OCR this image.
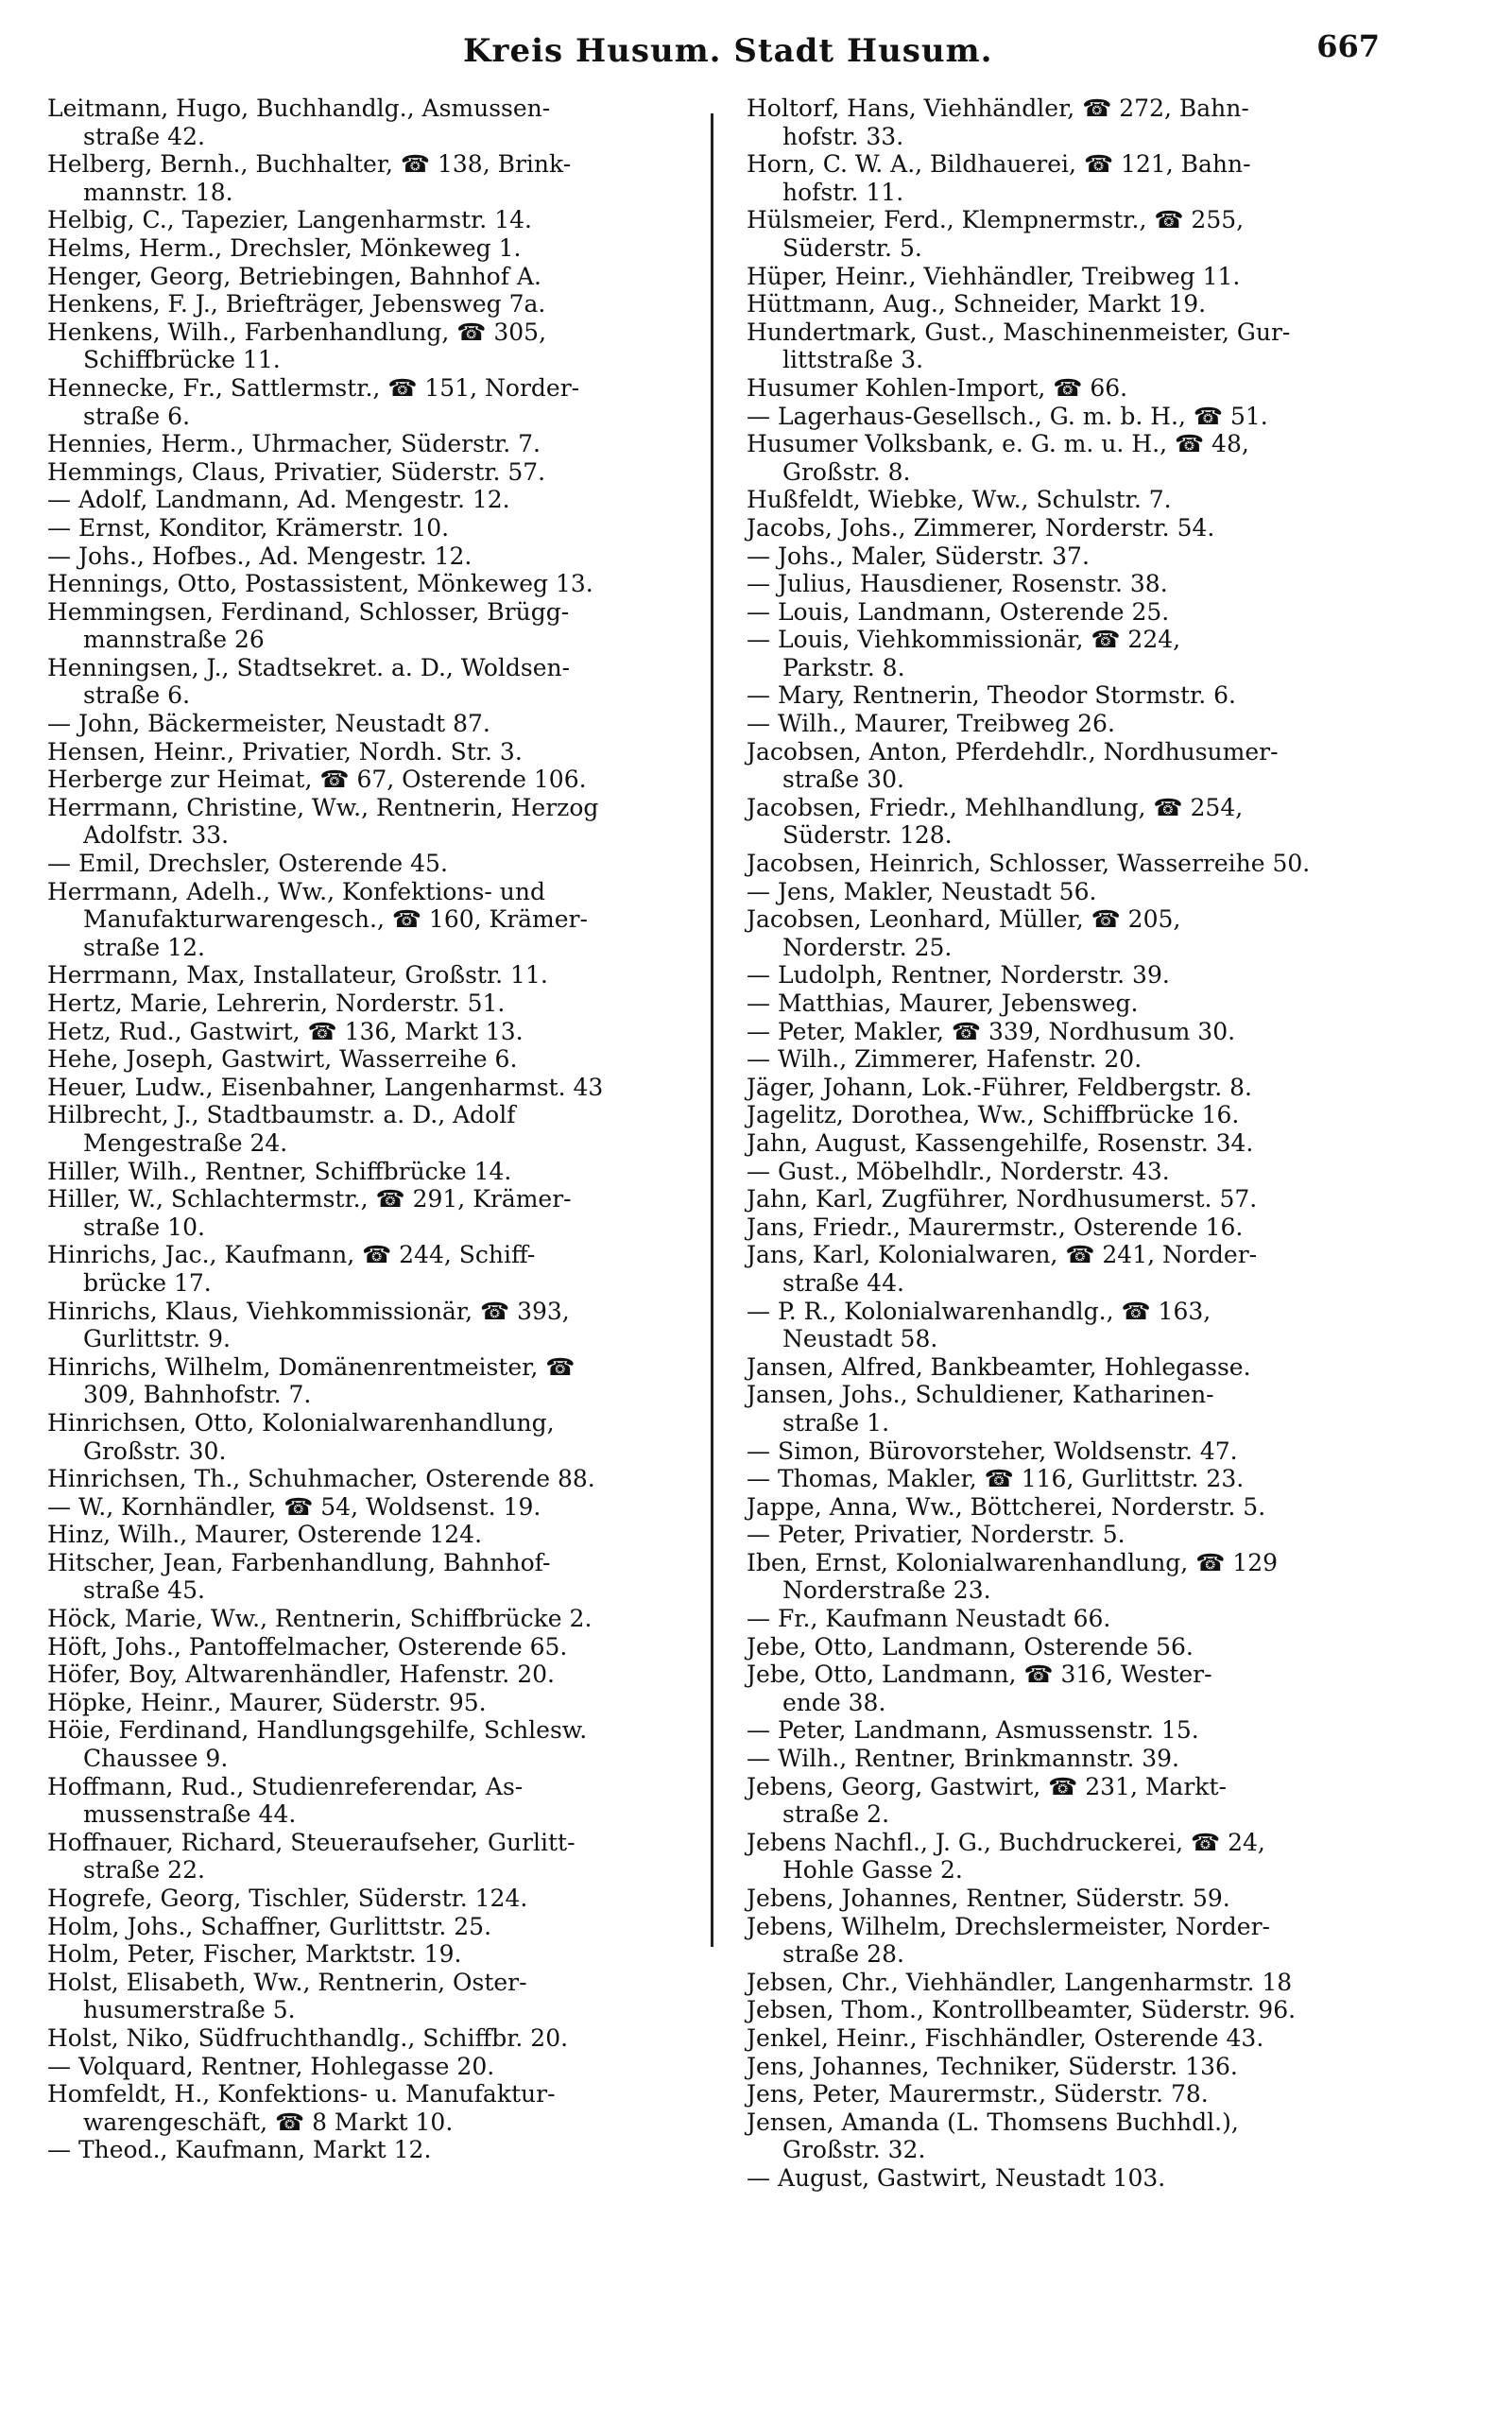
Kreis Husum. Stadt Husum.	667
Leitmann, Hugo, Buchhandlg., Asmussen-
straße 42.
Helberg, Bernh., Buchhalter, ☎ 138, Brink-
mannstr. 18.
Helbig, C., Tapezier, Langenharmstr. 14.
Helms, Herm., Drechsler, Mönkeweg 1.
Henger, Georg, Betriebingen, Bahnhof A.
Henkens, F. J., Briefträger, Jebensweg 7a.
Henkens, Wilh., Farbenhandlung, ☎ 305,
Schiffbrücke 11.
Hennecke, Fr., Sattlermstr., ☎ 151, Norder-
straße 6.
Hennies, Herm., Uhrmacher, Süderstr. 7.
Hemmings, Claus, Privatier, Süderstr. 57.
— Adolf, Landmann, Ad. Mengestr. 12.
— Ernst, Konditor, Krämerstr. 10.
— Johs., Hofbes., Ad. Mengestr. 12.
Hennings, Otto, Postassistent, Mönkeweg 13.
Hemmingsen, Ferdinand, Schlosser, Brügg-
mannstraße 26
Henningsen, J., Stadtsekret. a. D., Woldsen-
straße 6.
— John, Bäckermeister, Neustadt 87.
Hensen, Heinr., Privatier, Nordh. Str. 3.
Herberge zur Heimat, ☎ 67, Osterende 106.
Herrmann, Christine, Ww., Rentnerin, Herzog
Adolfstr. 33.
— Emil, Drechsler, Osterende 45.
Herrmann, Adelh., Ww., Konfektions- und
Manufakturwarengesch., ☎ 160, Krämer-
straße 12.
Herrmann, Max, Installateur, Großstr. 11.
Hertz, Marie, Lehrerin, Norderstr. 51.
Hetz, Rud., Gastwirt, ☎ 136, Markt 13.
Hehe, Joseph, Gastwirt, Wasserreihe 6.
Heuer, Ludw., Eisenbahner, Langenharmst. 43
Hilbrecht, J., Stadtbaumstr. a. D., Adolf
Mengestraße 24.
Hiller, Wilh., Rentner, Schiffbrücke 14.
Hiller, W., Schlachtermstr., ☎ 291, Krämer-
straße 10.
Hinrichs, Jac., Kaufmann, ☎ 244, Schiff-
brücke 17.
Hinrichs, Klaus, Viehkommissionär, ☎ 393,
Gurlittstr. 9.
Hinrichs, Wilhelm, Domänenrentmeister, ☎
309, Bahnhofstr. 7.
Hinrichsen, Otto, Kolonialwarenhandlung,
Großstr. 30.
Hinrichsen, Th., Schuhmacher, Osterende 88.
— W., Kornhändler, ☎ 54, Woldsenst. 19.
Hinz, Wilh., Maurer, Osterende 124.
Hitscher, Jean, Farbenhandlung, Bahnhof-
straße 45.
Höck, Marie, Ww., Rentnerin, Schiffbrücke 2.
Höft, Johs., Pantoffelmacher, Osterende 65.
Höfer, Boy, Altwarenhändler, Hafenstr. 20.
Höpke, Heinr., Maurer, Süderstr. 95.
Höie, Ferdinand, Handlungsgehilfe, Schlesw.
Chaussee 9.
Hoffmann, Rud., Studienreferendar, As-
mussenstraße 44.
Hoffnauer, Richard, Steueraufseher, Gurlitt-
straße 22.
Hogrefe, Georg, Tischler, Süderstr. 124.
Holm, Johs., Schaffner, Gurlittstr. 25.
Holm, Peter, Fischer, Marktstr. 19.
Holst, Elisabeth, Ww., Rentnerin, Oster-
husumerstraße 5.
Holst, Niko, Südfruchthandlg., Schiffbr. 20.
— Volquard, Rentner, Hohlegasse 20.
Homfeldt, H., Konfektions- u. Manufaktur-
warengeschäft, ☎ 8 Markt 10.
— Theod., Kaufmann, Markt 12.
Holtorf, Hans, Viehhändler, ☎ 272, Bahn-
hofstr. 33.
Horn, C. W. A., Bildhauerei, ☎ 121, Bahn-
hofstr. 11.
Hülsmeier, Ferd., Klempnermstr., ☎ 255,
Süderstr. 5.
Hüper, Heinr., Viehhändler, Treibweg 11.
Hüttmann, Aug., Schneider, Markt 19.
Hundertmark, Gust., Maschinenmeister, Gur-
littstraße 3.
Husumer Kohlen-Import, ☎ 66.
— Lagerhaus-Gesellsch., G. m. b. H., ☎ 51.
Husumer Volksbank, e. G. m. u. H., ☎ 48,
Großstr. 8.
Hußfeldt, Wiebke, Ww., Schulstr. 7.
Jacobs, Johs., Zimmerer, Norderstr. 54.
— Johs., Maler, Süderstr. 37.
— Julius, Hausdiener, Rosenstr. 38.
— Louis, Landmann, Osterende 25.
— Louis, Viehkommissionär, ☎ 224,
Parkstr. 8.
— Mary, Rentnerin, Theodor Stormstr. 6.
— Wilh., Maurer, Treibweg 26.
Jacobsen, Anton, Pferdehdlr., Nordhusumer-
straße 30.
Jacobsen, Friedr., Mehlhandlung, ☎ 254,
Süderstr. 128.
Jacobsen, Heinrich, Schlosser, Wasserreihe 50.
— Jens, Makler, Neustadt 56.
Jacobsen, Leonhard, Müller, ☎ 205,
Norderstr. 25.
— Ludolph, Rentner, Norderstr. 39.
— Matthias, Maurer, Jebensweg.
— Peter, Makler, ☎ 339, Nordhusum 30.
— Wilh., Zimmerer, Hafenstr. 20.
Jäger, Johann, Lok.-Führer, Feldbergstr. 8.
Jagelitz, Dorothea, Ww., Schiffbrücke 16.
Jahn, August, Kassengehilfe, Rosenstr. 34.
— Gust., Möbelhdlr., Norderstr. 43.
Jahn, Karl, Zugführer, Nordhusumerst. 57.
Jans, Friedr., Maurermstr., Osterende 16.
Jans, Karl, Kolonialwaren, ☎ 241, Norder-
straße 44.
— P. R., Kolonialwarenhandlg., ☎ 163,
Neustadt 58.
Jansen, Alfred, Bankbeamter, Hohlegasse.
Jansen, Johs., Schuldiener, Katharinen-
straße 1.
— Simon, Bürovorsteher, Woldsenstr. 47.
— Thomas, Makler, ☎ 116, Gurlittstr. 23.
Jappe, Anna, Ww., Böttcherei, Norderstr. 5.
— Peter, Privatier, Norderstr. 5.
Iben, Ernst, Kolonialwarenhandlung, ☎ 129
Norderstraße 23.
— Fr., Kaufmann Neustadt 66.
Jebe, Otto, Landmann, Osterende 56.
Jebe, Otto, Landmann, ☎ 316, Wester-
ende 38.
— Peter, Landmann, Asmussenstr. 15.
— Wilh., Rentner, Brinkmannstr. 39.
Jebens, Georg, Gastwirt, ☎ 231, Markt-
straße 2.
Jebens Nachfl., J. G., Buchdruckerei, ☎ 24,
Hohle Gasse 2.
Jebens, Johannes, Rentner, Süderstr. 59.
Jebens, Wilhelm, Drechslermeister, Norder-
straße 28.
Jebsen, Chr., Viehhändler, Langenharmstr. 18
Jebsen, Thom., Kontrollbeamter, Süderstr. 96.
Jenkel, Heinr., Fischhändler, Osterende 43.
Jens, Johannes, Techniker, Süderstr. 136.
Jens, Peter, Maurermstr., Süderstr. 78.
Jensen, Amanda (L. Thomsens Buchhdl.),
Großstr. 32.
— August, Gastwirt, Neustadt 103.
